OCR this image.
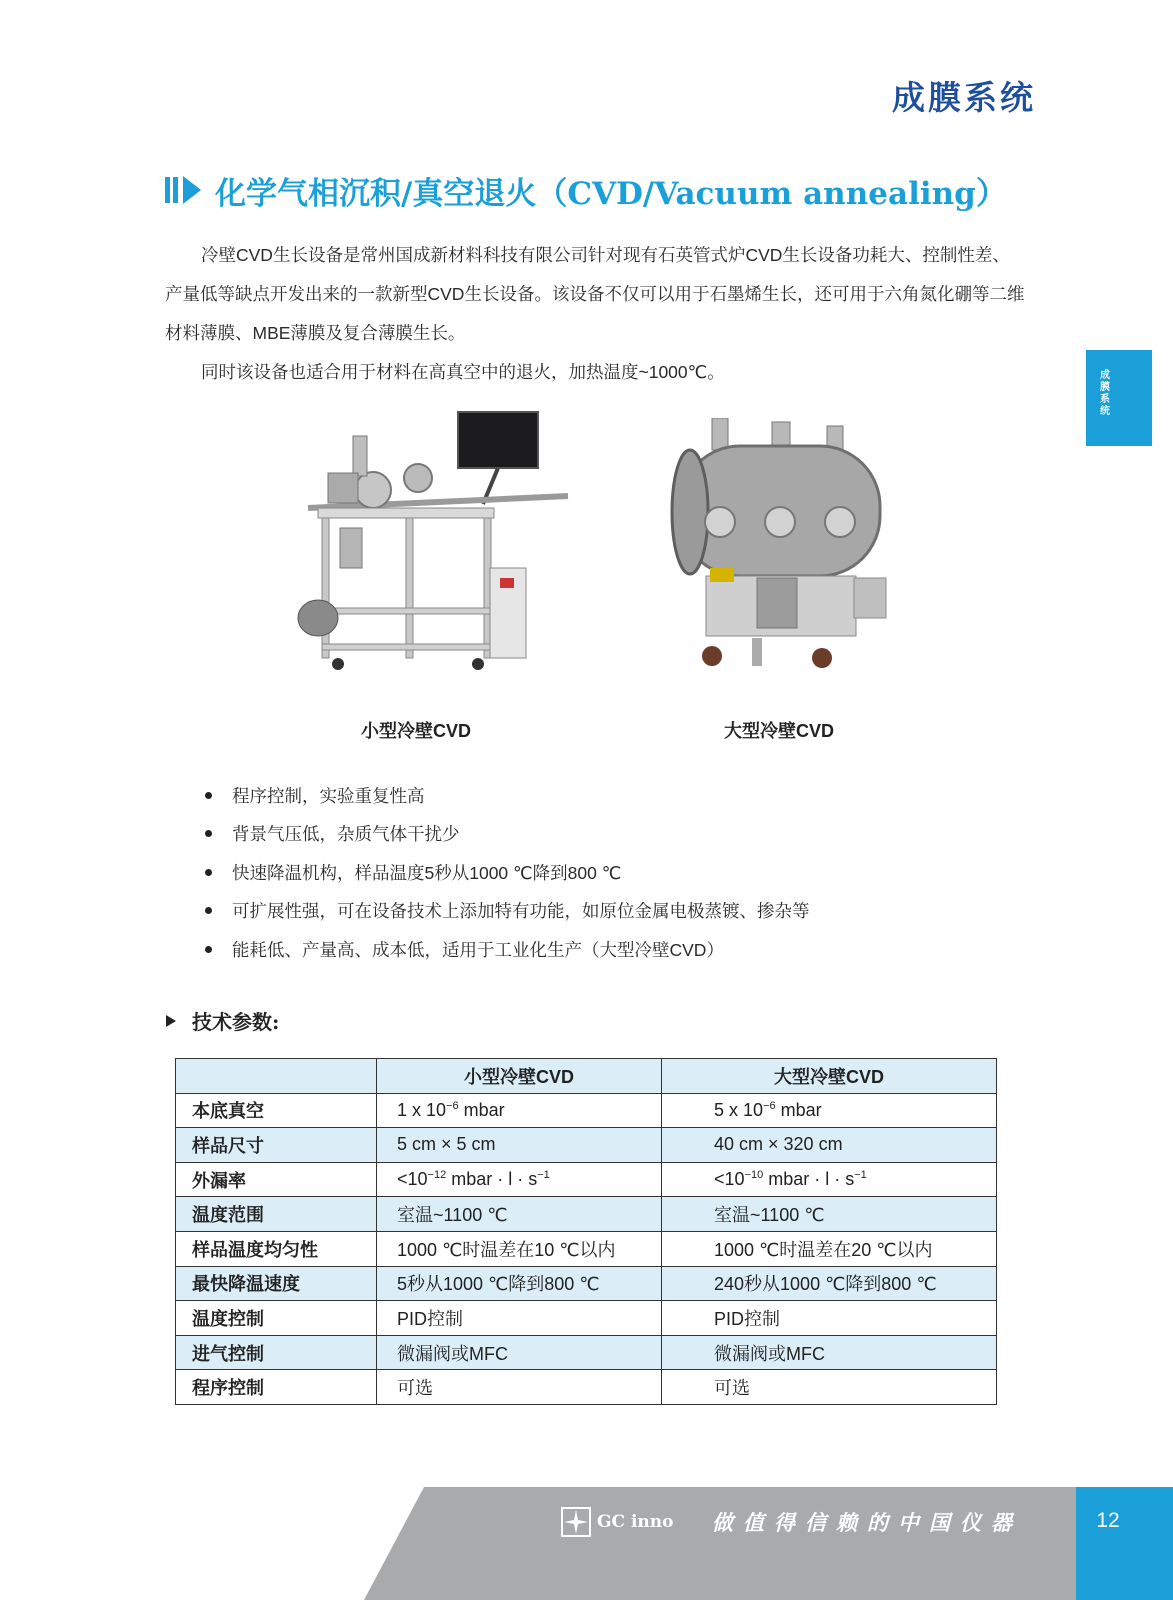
成膜系统
成膜系统
化学气相沉积/真空退火（CVD/Vacuum annealing）

冷壁CVD生长设备是常州国成新材料科技有限公司针对现有石英管式炉CVD生长设备功耗大、控制性差、产量低等缺点开发出来的一款新型CVD生长设备。该设备不仅可以用于石墨烯生长，还可用于六角氮化硼等二维材料薄膜、MBE薄膜及复合薄膜生长。

同时该设备也适合用于材料在高真空中的退火，加热温度~1000℃。

小型冷壁CVD	大型冷壁CVD
程序控制，实验重复性高
背景气压低，杂质气体干扰少
快速降温机构，样品温度5秒从1000 ℃降到800 ℃
可扩展性强，可在设备技术上添加特有功能，如原位金属电极蒸镀、掺杂等
能耗低、产量高、成本低，适用于工业化生产（大型冷壁CVD）
技术参数:
	小型冷壁CVD	大型冷壁CVD
本底真空	1 x $10^{-6}$ mbar	5 x $10^{-6}$ mbar
样品尺寸	5 cm × 5 cm	40 cm × 320 cm
外漏率	$<10^{-12}$ mbar · $l \cdot s^{-1}$	$<10^{-10}$ mbar · $l \cdot s^{-1}$
温度范围	室温~1100 ℃	室温~1100 ℃
样品温度均匀性	1000 ℃时温差在10 ℃以内	1000 ℃时温差在20 ℃以内
最快降温速度	5秒从1000 ℃降到800 ℃	240秒从1000 ℃降到800 ℃
温度控制	PID控制	PID控制
进气控制	微漏阀或MFC	微漏阀或MFC
程序控制	可选	可选
GC inno 做值得信赖的中国仪器	12
